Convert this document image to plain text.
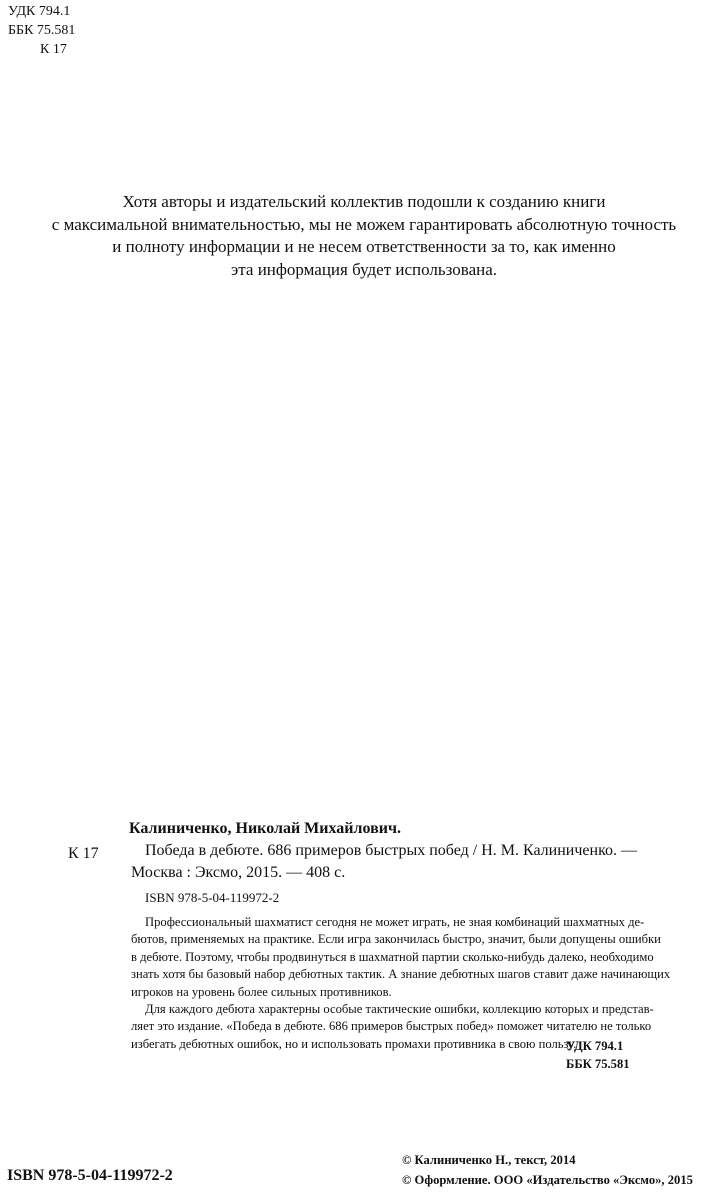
УДК 794.1
ББК 75.581
К 17
Хотя авторы и издательский коллектив подошли к созданию книги
с максимальной внимательностью, мы не можем гарантировать абсолютную точность
и полноту информации и не несем ответственности за то, как именно
эта информация будет использована.
К 17
Калиниченко, Николай Михайлович.
Победа в дебюте. 686 примеров быстрых побед / Н. М. Калиниченко. —
Москва : Эксмо, 2015. — 408 с.
ISBN 978-5-04-119972-2
Профессиональный шахматист сегодня не может играть, не зная комбинаций шахматных де-
бютов, применяемых на практике. Если игра закончилась быстро, значит, были допущены ошибки
в дебюте. Поэтому, чтобы продвинуться в шахматной партии сколько-нибудь далеко, необходимо
знать хотя бы базовый набор дебютных тактик. А знание дебютных шагов ставит даже начинающих
игроков на уровень более сильных противников.
Для каждого дебюта характерны особые тактические ошибки, коллекцию которых и представ-
ляет это издание. «Победа в дебюте. 686 примеров быстрых побед» поможет читателю не только
избегать дебютных ошибок, но и использовать промахи противника в свою пользу.
УДК 794.1
ББК 75.581
ISBN 978-5-04-119972-2
© Калиниченко Н., текст, 2014
© Оформление. ООО «Издательство «Эксмо», 2015
